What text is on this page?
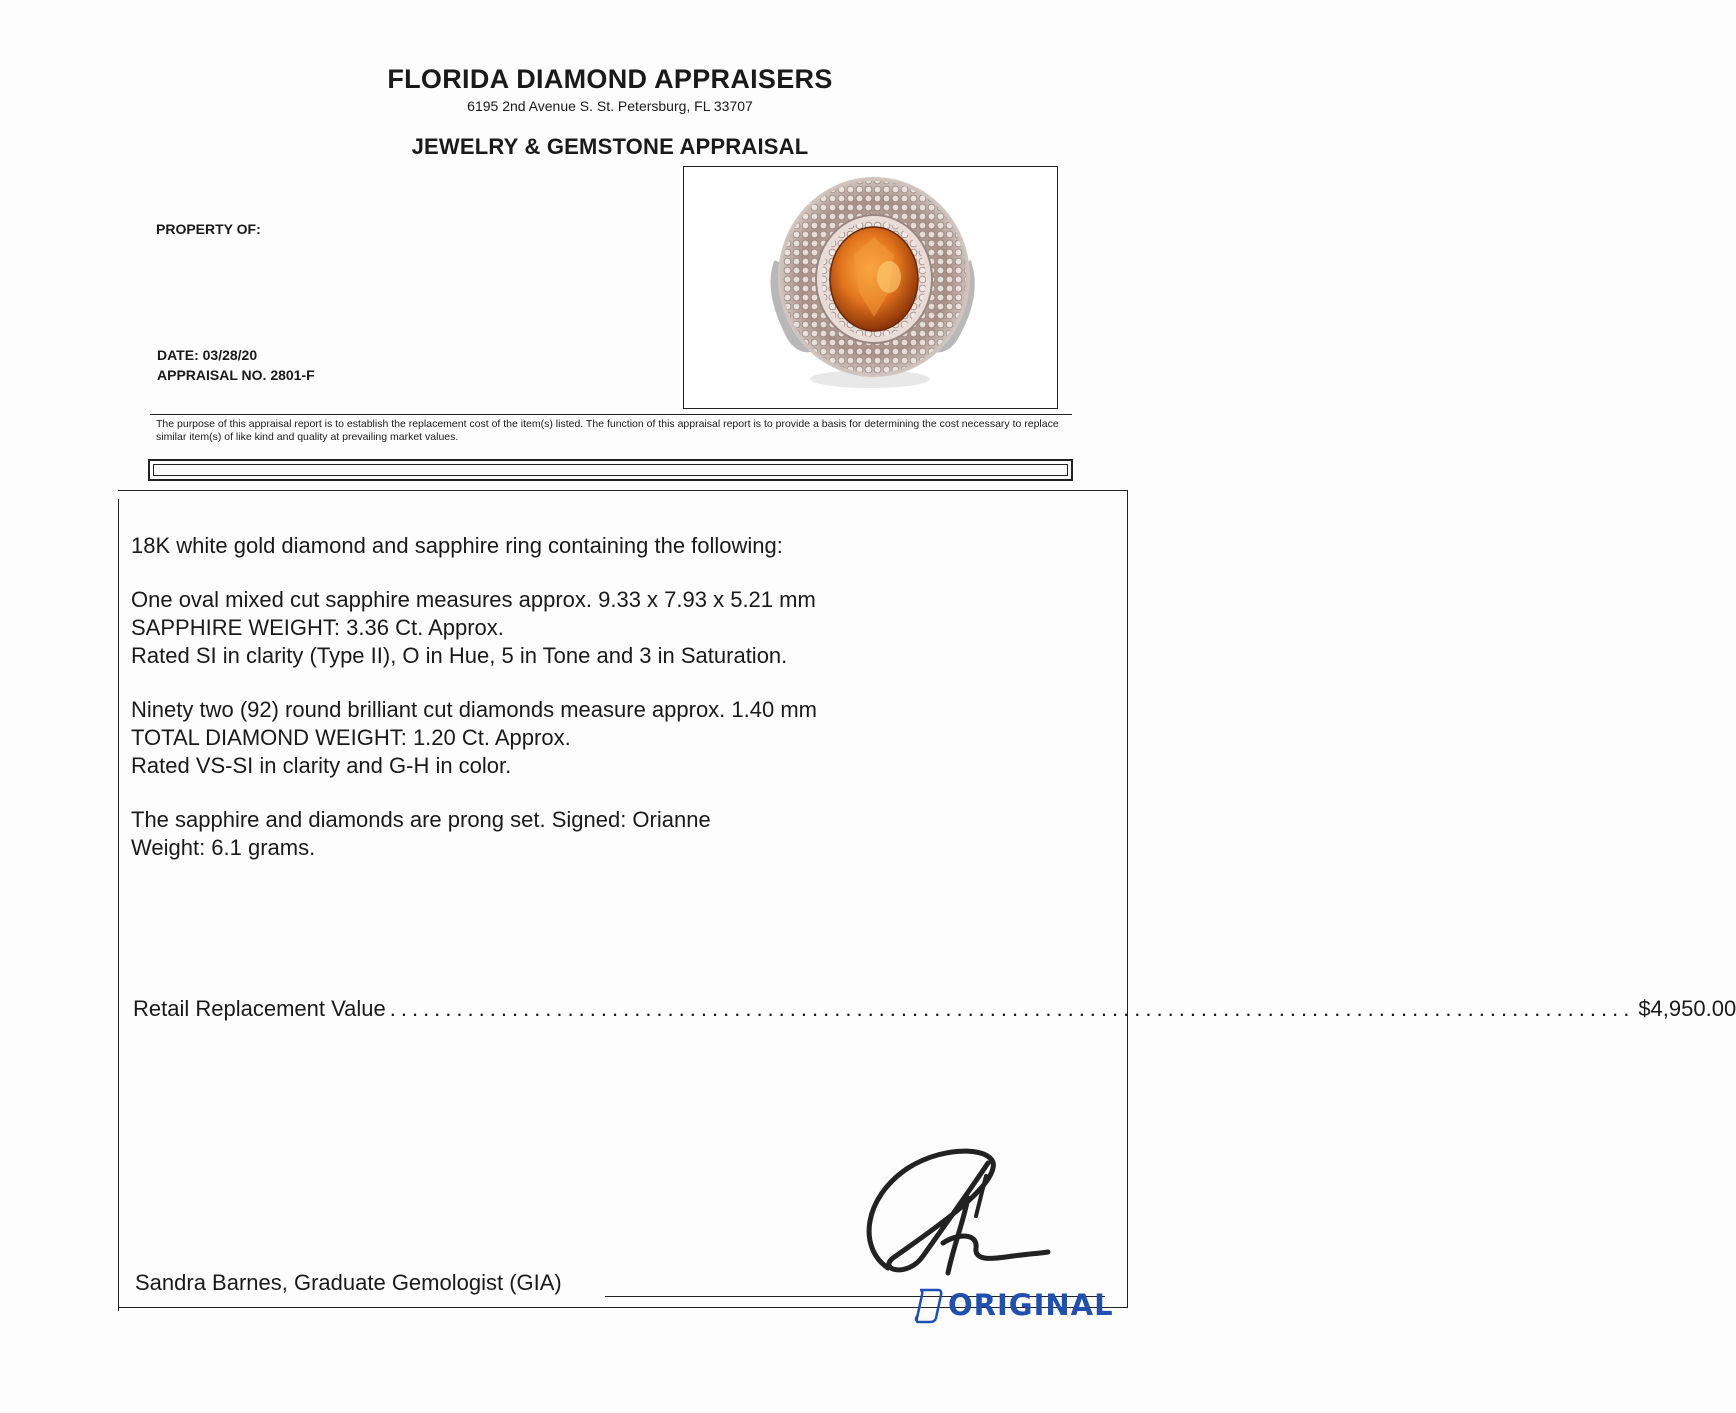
FLORIDA DIAMOND APPRAISERS
6195 2nd Avenue S. St. Petersburg, FL 33707
JEWELRY & GEMSTONE APPRAISAL
PROPERTY OF:
DATE: 03/28/20
APPRAISAL NO. 2801-F
The purpose of this appraisal report is to establish the replacement cost of the item(s) listed. The function of this appraisal report is to provide a basis for determining the cost necessary to replace similar item(s) of like kind and quality at prevailing market values.

18K white gold diamond and sapphire ring containing the following:

One oval mixed cut sapphire measures approx. 9.33 x 7.93 x 5.21 mm

SAPPHIRE WEIGHT: 3.36 Ct. Approx.

Rated SI in clarity (Type II), O in Hue, 5 in Tone and 3 in Saturation.

Ninety two (92) round brilliant cut diamonds measure approx. 1.40 mm

TOTAL DIAMOND WEIGHT: 1.20 Ct. Approx.

Rated VS-SI in clarity and G-H in color.

The sapphire and diamonds are prong set. Signed: Orianne

Weight: 6.1 grams.

Retail Replacement Value ................................................................................................................ $4,950.00
Sandra Barnes, Graduate Gemologist (GIA)
ORIGINAL
